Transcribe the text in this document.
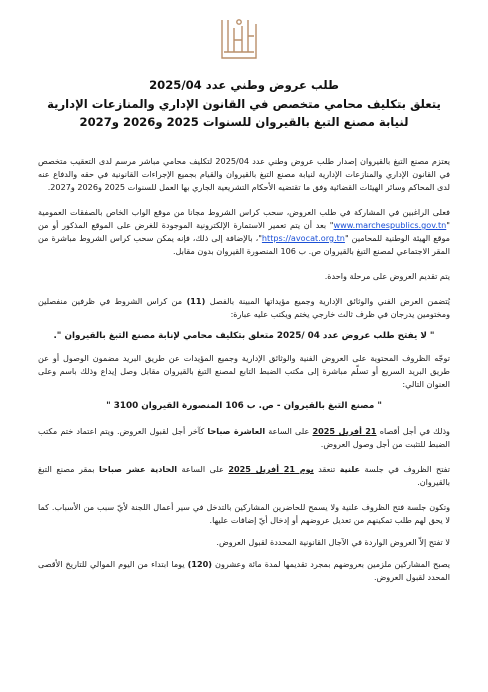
طلب عروض وطني عدد 2025/04

يتعلق بتكليف محامي متخصص في القانون الإداري والمنازعات الإدارية

لنيابة مصنع التبغ بالقيروان للسنوات 2025 و2026 و2027

يعتزم مصنع التبغ بالقيروان إصدار طلب عروض وطني عدد 2025/04 لتكليف محامي مباشر مرسم لدى التعقيب متخصص في القانون الإداري والمنازعات الإدارية لنيابة مصنع التبغ بالقيروان والقيام بجميع الإجراءات القانونية في حقه والدفاع عنه لدى المحاكم وسائر الهيئات القضائية وفق ما تقتضيه الأحكام التشريعية الجاري بها العمل للسنوات 2025 و2026 و2027.

فعلى الراغبين في المشاركة في طلب العروض، سحب كراس الشروط مجانا من موقع الواب الخاص بالصفقات العمومية "www.marchespublics.gov.tn" بعد أن يتم تعمير الاستمارة الإلكترونية الموجودة للغرض على الموقع المذكور أو من موقع الهيئة الوطنية للمحامين "https://avocat.org.tn"، بالإضافة إلى ذلك، فإنه يمكن سحب كراس الشروط مباشرة من المقر الاجتماعي لمصنع التبغ بالقيروان ص. ب 106 المنصورة القيروان بدون مقابل.

يتم تقديم العروض على مرحلة واحدة.

يُتضمن العرض الفني والوثائق الإدارية وجميع مؤيداتها المبينة بالفصل (11) من كراس الشروط في ظرفين منفصلين ومختومين يدرجان في ظرف ثالث خارجي يختم ويكتب عليه عبارة:

" لا يفتح طلب عروض عدد 04 /2025 متعلق بتكليف محامي لإنابة مصنع التبغ بالقيروان ".

توجّه الظروف المحتوية على العروض الفنية والوثائق الإدارية وجميع المؤيدات عن طريق البريد مضمون الوصول أو عن طريق البريد السريع أو تسلّم مباشرة إلى مكتب الضبط التابع لمصنع التبغ بالقيروان مقابل وصل إيداع وذلك باسم وعلى العنوان التالي:

" مصنع التبغ بالقيروان - ص. ب 106 المنصورة القيروان 3100 "

وذلك في أجل أقصاه 21 أفريل 2025 على الساعة العاشرة صباحا كآخر أجل لقبول العروض. ويتم اعتماد ختم مكتب الضبط للتثبت من أجل وصول العروض.

تفتح الظروف في جلسة علنية تنعقد يوم 21 أفريل 2025 على الساعة الحادية عشر صباحا بمقر مصنع التبغ بالقيروان.

وتكون جلسة فتح الظروف علنية ولا يسمح للحاضرين المشاركين بالتدخل في سير أعمال اللجنة لأيّ سبب من الأسباب. كما لا يحق لهم طلب تمكينهم من تعديل عروضهم أو إدخال أيّ إضافات عليها.

لا تفتح إلاّ العروض الواردة في الآجال القانونية المحددة لقبول العروض.

يصبح المشاركين ملزمين بعروضهم بمجرد تقديمها لمدة مائة وعشرون (120) يوما ابتداء من اليوم الموالي للتاريخ الأقصى المحدد لقبول العروض.
